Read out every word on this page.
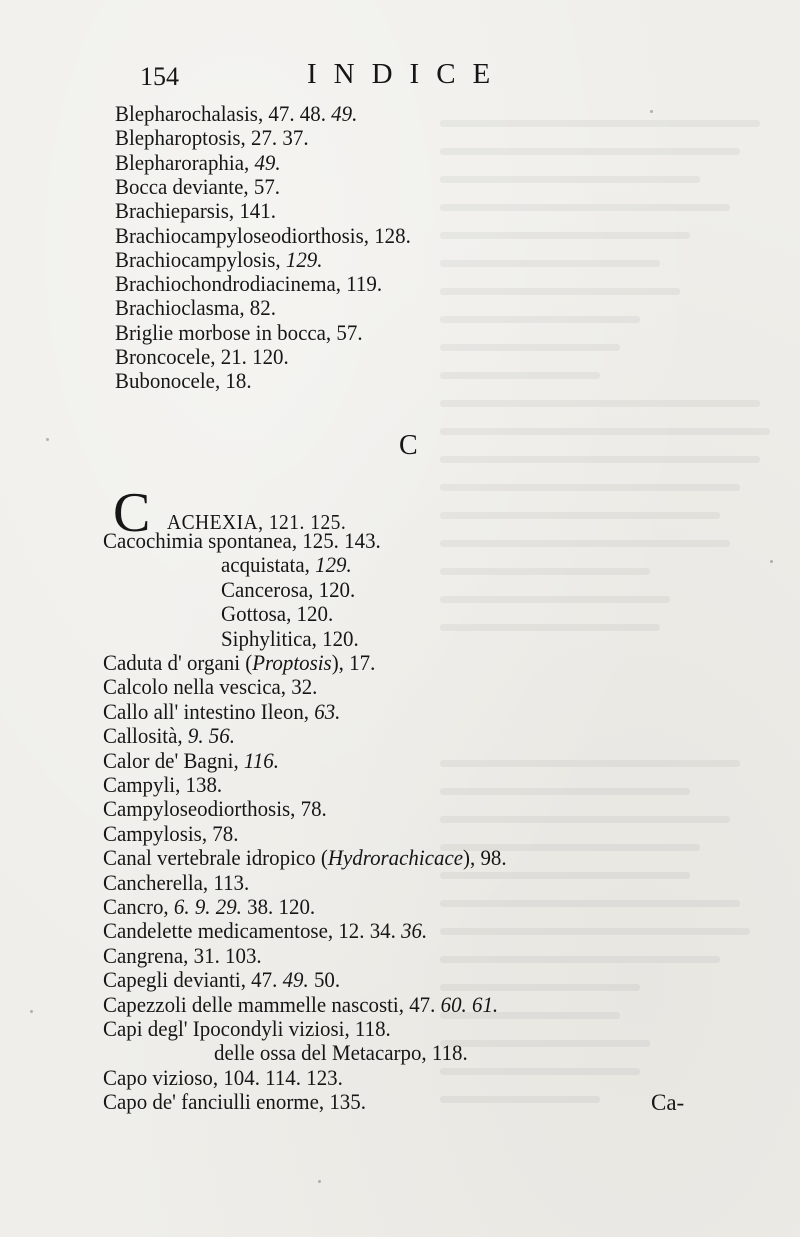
154	INDICE
Blepharochalasis, 47. 48. 49.
Blepharoptosis, 27. 37.
Blepharoraphia, 49.
Bocca deviante, 57.
Brachieparsis, 141.
Brachiocampyloseodiorthosis, 128.
Brachiocampylosis, 129.
Brachiochondrodiacinema, 119.
Brachioclasma, 82.
Briglie morbose in bocca, 57.
Broncocele, 21. 120.
Bubonocele, 18.
C
C ACHEXIA, 121. 125.
Cacochimia spontanea, 125. 143.
acquistata, 129.
Cancerosa, 120.
Gottosa, 120.
Siphylitica, 120.
Caduta d' organi (Proptosis), 17.
Calcolo nella vescica, 32.
Callo all' intestino Ileon, 63.
Callosità, 9. 56.
Calor de' Bagni, 116.
Campyli, 138.
Campyloseodiorthosis, 78.
Campylosis, 78.
Canal vertebrale idropico (Hydrorachicace), 98.
Cancherella, 113.
Cancro, 6. 9. 29. 38. 120.
Candelette medicamentose, 12. 34. 36.
Cangrena, 31. 103.
Capegli devianti, 47. 49. 50.
Capezzoli delle mammelle nascosti, 47. 60. 61.
Capi degl' Ipocondyli viziosi, 118.
delle ossa del Metacarpo, 118.
Capo vizioso, 104. 114. 123.
Capo de' fanciulli enorme, 135.	Ca-
